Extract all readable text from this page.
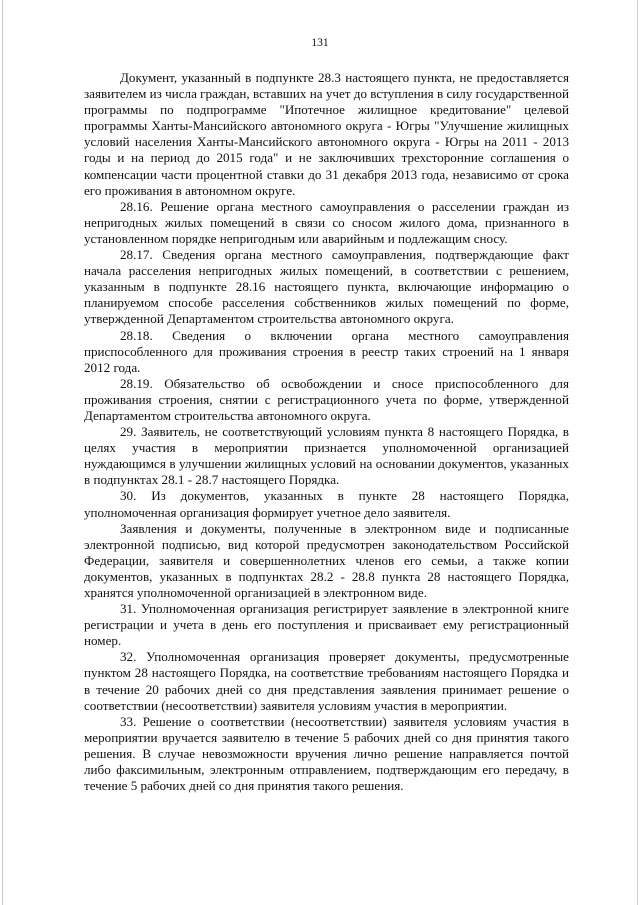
131

Документ, указанный в подпункте 28.3 настоящего пункта, не предоставляется заявителем из числа граждан, вставших на учет до вступления в силу государственной программы по подпрограмме "Ипотечное жилищное кредитование" целевой программы Ханты-Мансийского автономного округа - Югры "Улучшение жилищных условий населения Ханты-Мансийского автономного округа - Югры на 2011 - 2013 годы и на период до 2015 года" и не заключивших трехсторонние соглашения о компенсации части процентной ставки до 31 декабря 2013 года, независимо от срока его проживания в автономном округе.

28.16. Решение органа местного самоуправления о расселении граждан из непригодных жилых помещений в связи со сносом жилого дома, признанного в установленном порядке непригодным или аварийным и подлежащим сносу.

28.17. Сведения органа местного самоуправления, подтверждающие факт начала расселения непригодных жилых помещений, в соответствии с решением, указанным в подпункте 28.16 настоящего пункта, включающие информацию о планируемом способе расселения собственников жилых помещений по форме, утвержденной Департаментом строительства автономного округа.

28.18. Сведения о включении органа местного самоуправления приспособленного для проживания строения в реестр таких строений на 1 января 2012 года.

28.19. Обязательство об освобождении и сносе приспособленного для проживания строения, снятии с регистрационного учета по форме, утвержденной Департаментом строительства автономного округа.

29. Заявитель, не соответствующий условиям пункта 8 настоящего Порядка, в целях участия в мероприятии признается уполномоченной организацией нуждающимся в улучшении жилищных условий на основании документов, указанных в подпунктах 28.1 - 28.7 настоящего Порядка.

30. Из документов, указанных в пункте 28 настоящего Порядка, уполномоченная организация формирует учетное дело заявителя.

Заявления и документы, полученные в электронном виде и подписанные электронной подписью, вид которой предусмотрен законодательством Российской Федерации, заявителя и совершеннолетних членов его семьи, а также копии документов, указанных в подпунктах 28.2 - 28.8 пункта 28 настоящего Порядка, хранятся уполномоченной организацией в электронном виде.

31. Уполномоченная организация регистрирует заявление в электронной книге регистрации и учета в день его поступления и присваивает ему регистрационный номер.

32. Уполномоченная организация проверяет документы, предусмотренные пунктом 28 настоящего Порядка, на соответствие требованиям настоящего Порядка и в течение 20 рабочих дней со дня представления заявления принимает решение о соответствии (несоответствии) заявителя условиям участия в мероприятии.

33. Решение о соответствии (несоответствии) заявителя условиям участия в мероприятии вручается заявителю в течение 5 рабочих дней со дня принятия такого решения. В случае невозможности вручения лично решение направляется почтой либо факсимильным, электронным отправлением, подтверждающим его передачу, в течение 5 рабочих дней со дня принятия такого решения.
